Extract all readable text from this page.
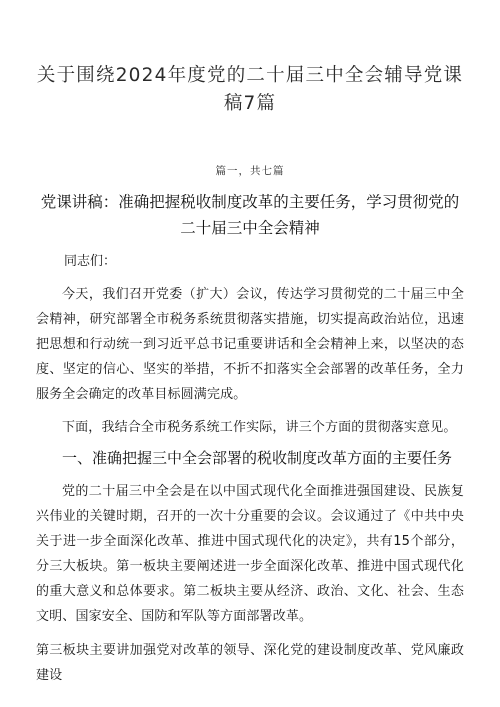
关于围绕2024年度党的二十届三中全会辅导党课稿7篇
篇一，共七篇
党课讲稿：准确把握税收制度改革的主要任务，学习贯彻党的二十届三中全会精神
同志们：

今天，我们召开党委（扩大）会议，传达学习贯彻党的二十届三中全会精神，研究部署全市税务系统贯彻落实措施，切实提高政治站位，迅速把思想和行动统一到习近平总书记重要讲话和全会精神上来，以坚决的态度、坚定的信心、坚实的举措，不折不扣落实全会部署的改革任务，全力服务全会确定的改革目标圆满完成。

下面，我结合全市税务系统工作实际，讲三个方面的贯彻落实意见。

一、准确把握三中全会部署的税收制度改革方面的主要任务

党的二十届三中全会是在以中国式现代化全面推进强国建设、民族复兴伟业的关键时期，召开的一次十分重要的会议。会议通过了《中共中央关于进一步全面深化改革、推进中国式现代化的决定》，共有15个部分，分三大板块。第一板块主要阐述进一步全面深化改革、推进中国式现代化的重大意义和总体要求。第二板块主要从经济、政治、文化、社会、生态文明、国家安全、国防和军队等方面部署改革。

第三板块主要讲加强党对改革的领导、深化党的建设制度改革、党风廉政建设
